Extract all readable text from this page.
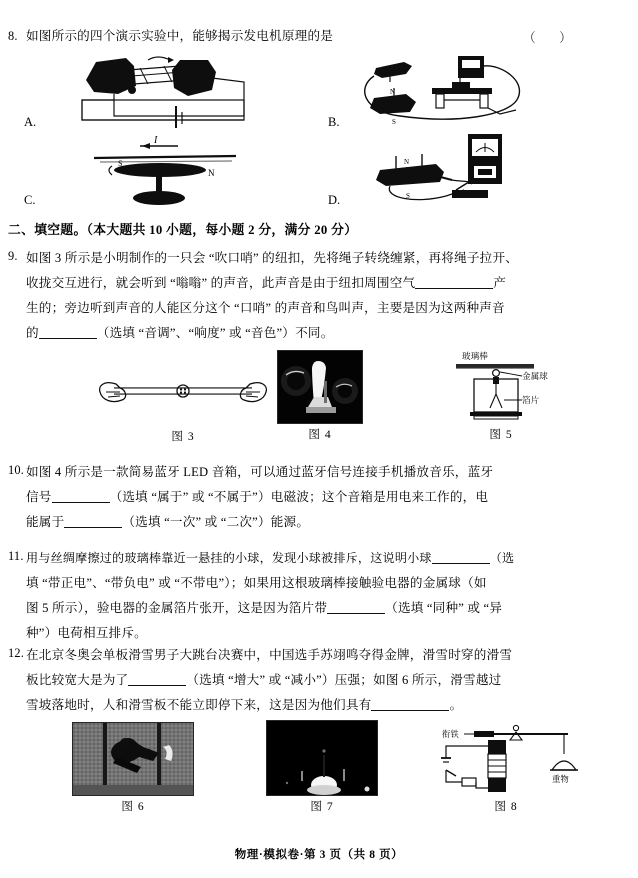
8. 如图所示的四个演示实验中，能够揭示发电机原理的是	（ ）
A.	B.
N
S
C.
I
S
N
D.
N
S
二、填空题。（本大题共 10 小题，每小题 2 分，满分 20 分）
9. 如图 3 所示是小明制作的一只会 “吹口哨” 的纽扣，先将绳子转绕缠紧，再将绳子拉开、
收拢交互进行，就会听到 “嗡嗡” 的声音，此声音是由于纽扣周围空气	产
生的；旁边听到声音的人能区分这个 “口哨” 的声音和鸟叫声，主要是因为这两种声音
的	（选填 “音调”、“响度” 或 “音色”）不同。
图 3	图 4
玻璃棒
金属球
箔片
图 5
10. 如图 4 所示是一款简易蓝牙 LED 音箱，可以通过蓝牙信号连接手机播放音乐，蓝牙
信号	（选填 “属于” 或 “不属于”）电磁波；这个音箱是用电来工作的，电
能属于	（选填 “一次” 或 “二次”）能源。
11. 用与丝绸摩擦过的玻璃棒靠近一悬挂的小球，发现小球被排斥，这说明小球	（选
填 “带正电”、“带负电” 或 “不带电”）；如果用这根玻璃棒接触验电器的金属球（如
图 5 所示），验电器的金属箔片张开，这是因为箔片带	（选填 “同种” 或 “异
种”）电荷相互排斥。
12. 在北京冬奥会单板滑雪男子大跳台决赛中，中国选手苏翊鸣夺得金牌，滑雪时穿的滑雪
板比较宽大是为了	（选填 “增大” 或 “减小”）压强；如图 6 所示，滑雪越过
雪坡落地时，人和滑雪板不能立即停下来，这是因为他们具有	。
图 6	图 7
衔铁
重物
图 8
物理·模拟卷·第 3 页（共 8 页）
